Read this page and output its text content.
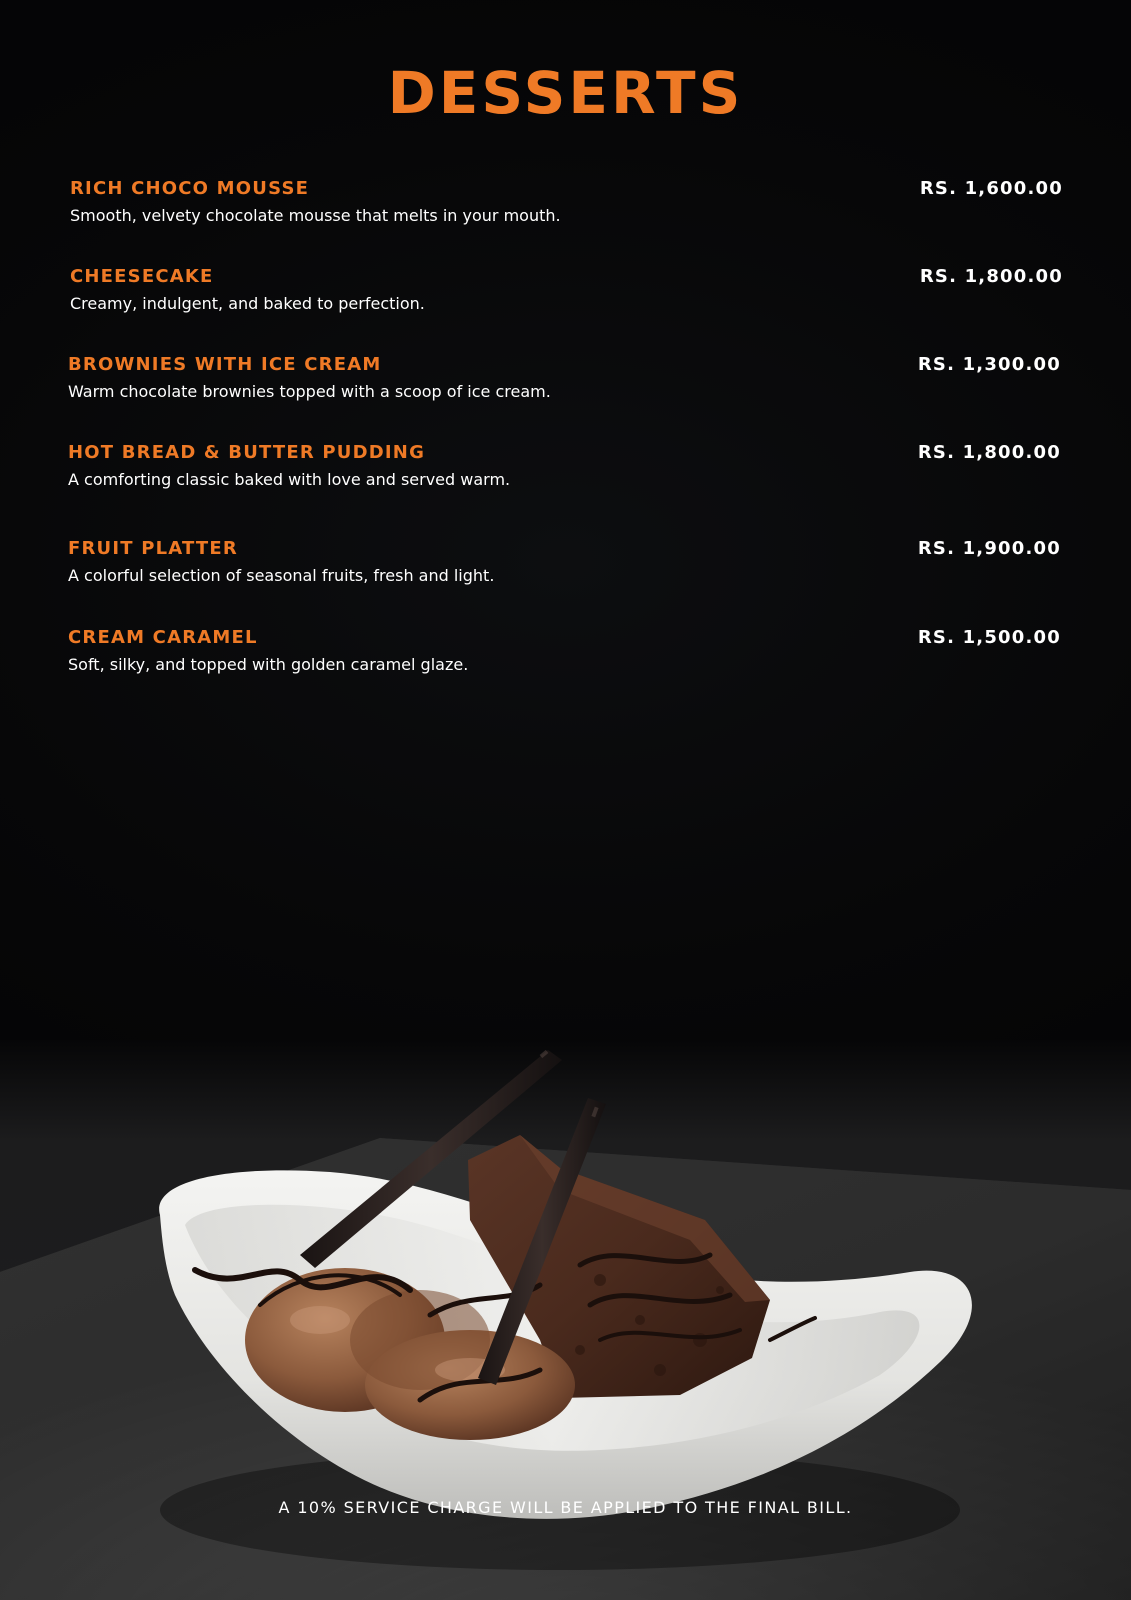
DESSERTS
RICH CHOCO MOUSSE
Smooth, velvety chocolate mousse that melts in your mouth.
RS. 1,600.00
CHEESECAKE
Creamy, indulgent, and baked to perfection.
RS. 1,800.00
BROWNIES WITH ICE CREAM
Warm chocolate brownies topped with a scoop of ice cream.
RS. 1,300.00
HOT BREAD & BUTTER PUDDING
A comforting classic baked with love and served warm.
RS. 1,800.00
FRUIT PLATTER
A colorful selection of seasonal fruits, fresh and light.
RS. 1,900.00
CREAM CARAMEL
Soft, silky, and topped with golden caramel glaze.
RS. 1,500.00
A 10% SERVICE CHARGE WILL BE APPLIED TO THE FINAL BILL.
